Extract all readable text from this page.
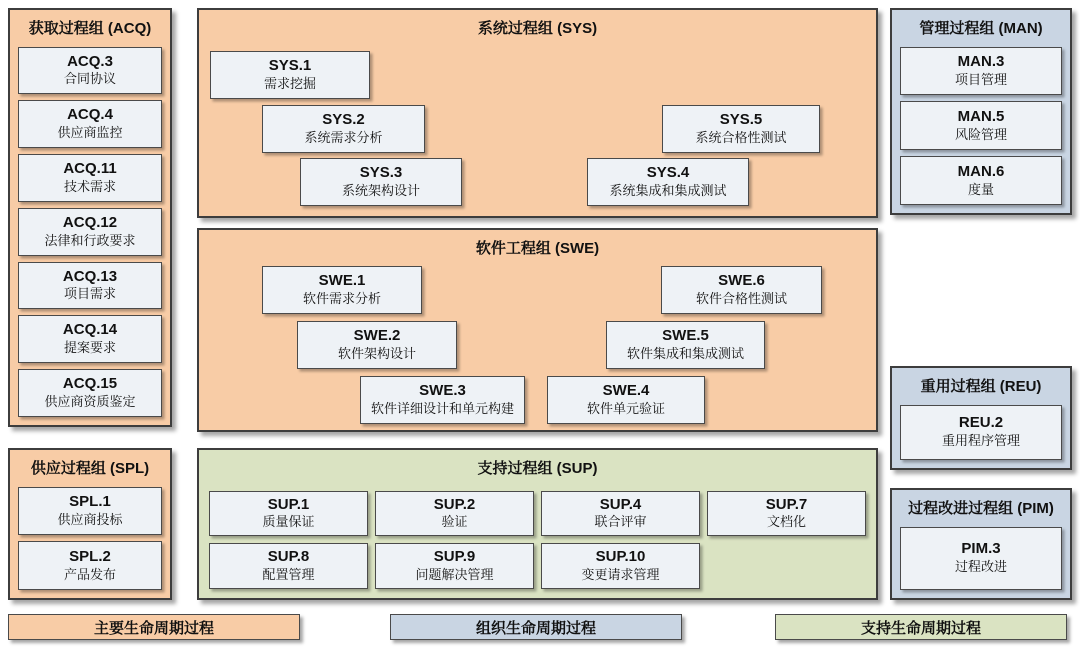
获取过程组 (ACQ)
ACQ.3
合同协议
ACQ.4
供应商监控
ACQ.11
技术需求
ACQ.12
法律和行政要求
ACQ.13
项目需求
ACQ.14
提案要求
ACQ.15
供应商资质鉴定
供应过程组 (SPL)
SPL.1
供应商投标
SPL.2
产品发布
系统过程组 (SYS)
SYS.1
需求挖掘
SYS.2
系统需求分析
SYS.3
系统架构设计
SYS.5
系统合格性测试
SYS.4
系统集成和集成测试
软件工程组 (SWE)
SWE.1
软件需求分析
SWE.6
软件合格性测试
SWE.2
软件架构设计
SWE.5
软件集成和集成测试
SWE.3
软件详细设计和单元构建
SWE.4
软件单元验证
支持过程组 (SUP)
SUP.1
质量保证
SUP.2
验证
SUP.4
联合评审
SUP.7
文档化
SUP.8
配置管理
SUP.9
问题解决管理
SUP.10
变更请求管理
管理过程组 (MAN)
MAN.3
项目管理
MAN.5
风险管理
MAN.6
度量
重用过程组 (REU)
REU.2
重用程序管理
过程改进过程组 (PIM)
PIM.3
过程改进
主要生命周期过程	组织生命周期过程	支持生命周期过程
